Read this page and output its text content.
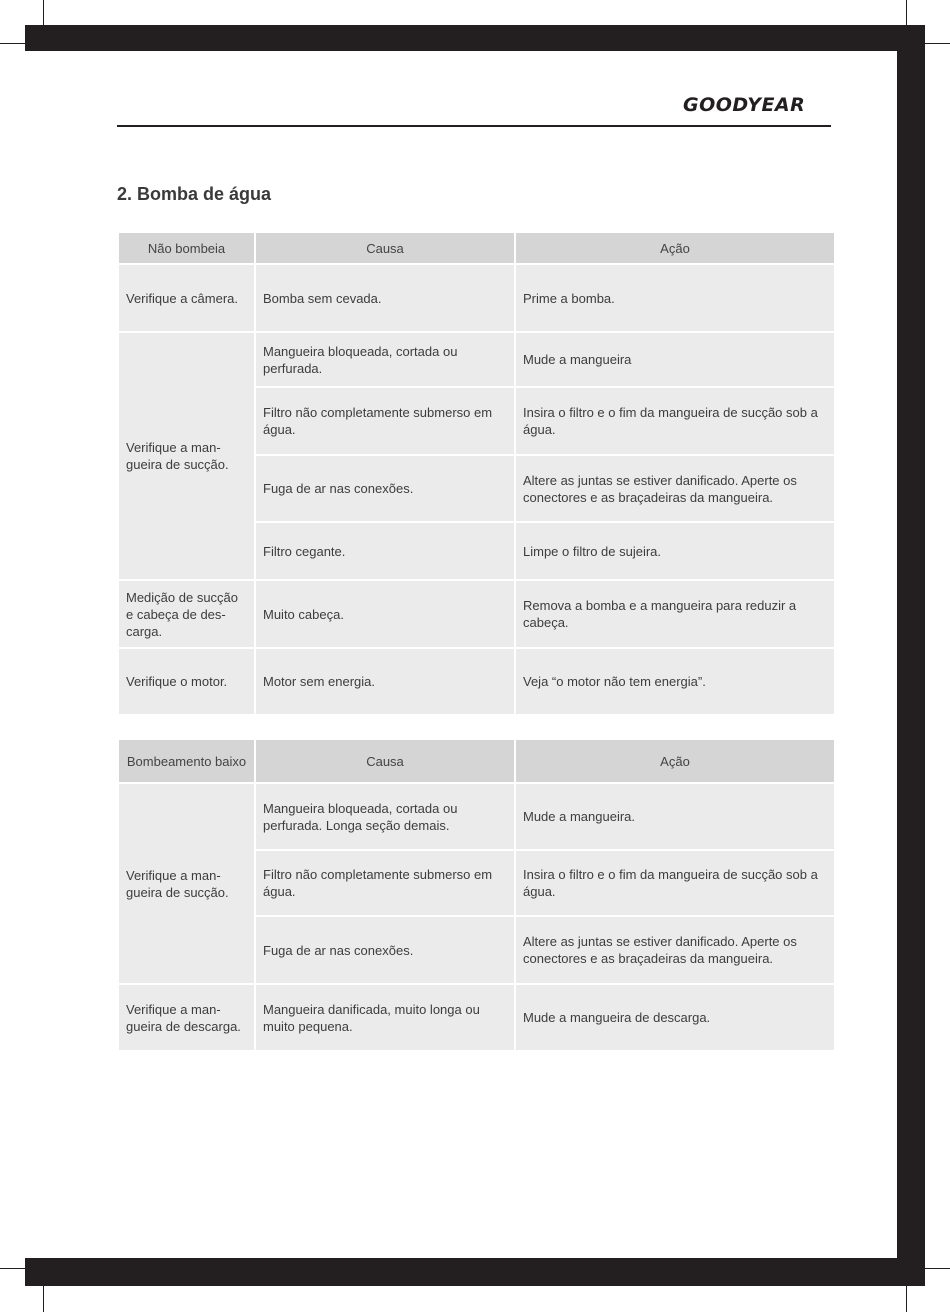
GOODYEAR
2. Bomba de água
Não bombeia	Causa	Ação
Verifique a câmera.	Bomba sem cevada.	Prime a bomba.
Verifique a man-gueira de sucção.	Mangueira bloqueada, cortada ou perfurada.	Mude a mangueira
	Filtro não completamente submerso em água.	Insira o filtro e o fim da mangueira de sucção sob a água.
	Fuga de ar nas conexões.	Altere as juntas se estiver danificado. Aperte os conectores e as braçadeiras da mangueira.
	Filtro cegante.	Limpe o filtro de sujeira.
Medição de sucção e cabeça de des-carga.	Muito cabeça.	Remova a bomba e a mangueira para reduzir a cabeça.
Verifique o motor.	Motor sem energia.	Veja “o motor não tem energia”.
Bombeamento baixo	Causa	Ação
Verifique a man-gueira de sucção.	Mangueira bloqueada, cortada ou perfurada. Longa seção demais.	Mude a mangueira.
	Filtro não completamente submerso em água.	Insira o filtro e o fim da mangueira de sucção sob a água.
	Fuga de ar nas conexões.	Altere as juntas se estiver danificado. Aperte os conectores e as braçadeiras da mangueira.
Verifique a man-gueira de descarga.	Mangueira danificada, muito longa ou muito pequena.	Mude a mangueira de descarga.
